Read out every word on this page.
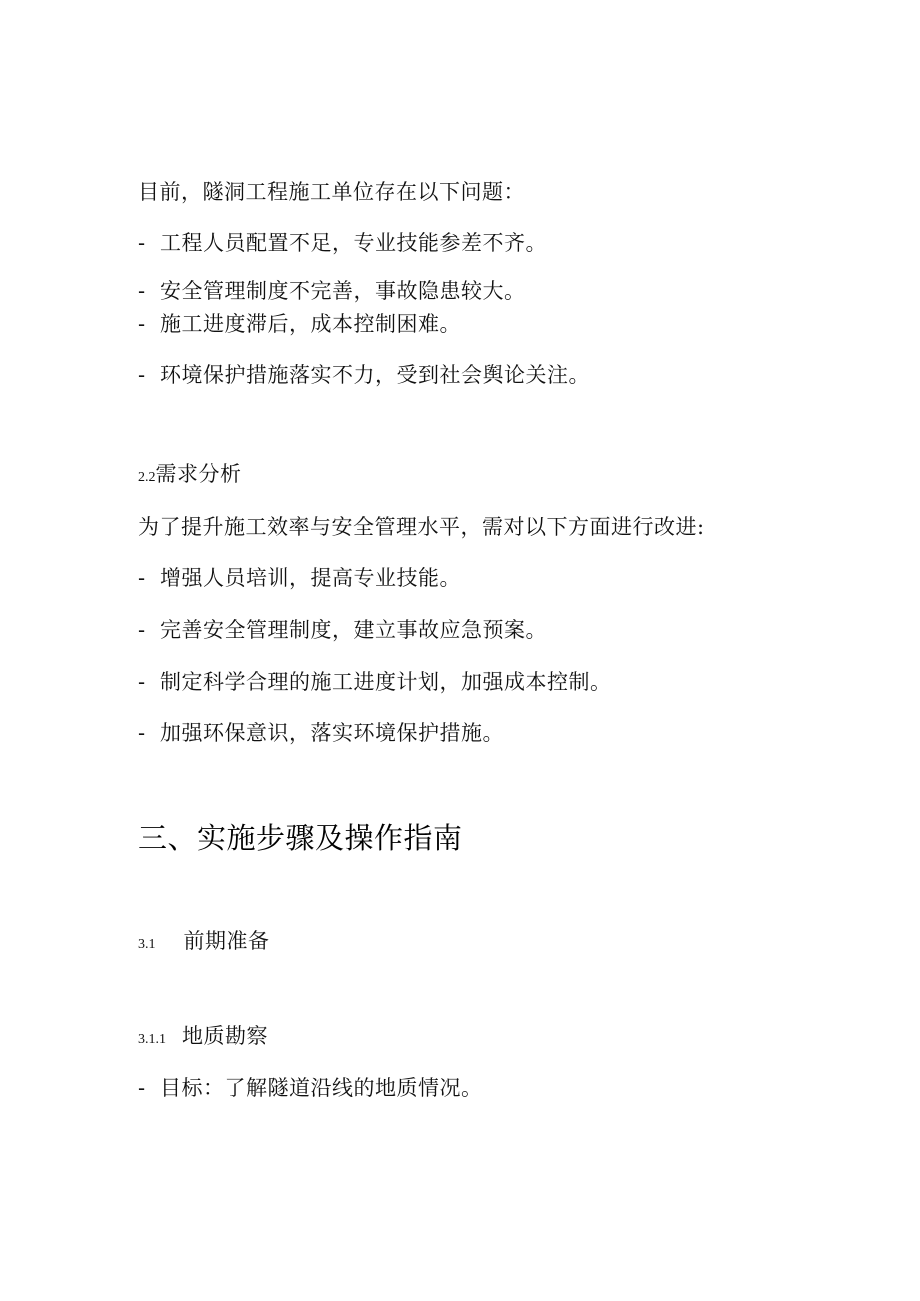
目前，隧洞工程施工单位存在以下问题：
- 工程人员配置不足，专业技能参差不齐。
- 安全管理制度不完善，事故隐患较大。
- 施工进度滞后，成本控制困难。
- 环境保护措施落实不力，受到社会舆论关注。
2.2需求分析
为了提升施工效率与安全管理水平，需对以下方面进行改进:
- 增强人员培训，提高专业技能。
- 完善安全管理制度，建立事故应急预案。
- 制定科学合理的施工进度计划，加强成本控制。
- 加强环保意识，落实环境保护措施。
三、实施步骤及操作指南
3.1 前期准备
3.1.1 地质勘察
- 目标：了解隧道沿线的地质情况。
